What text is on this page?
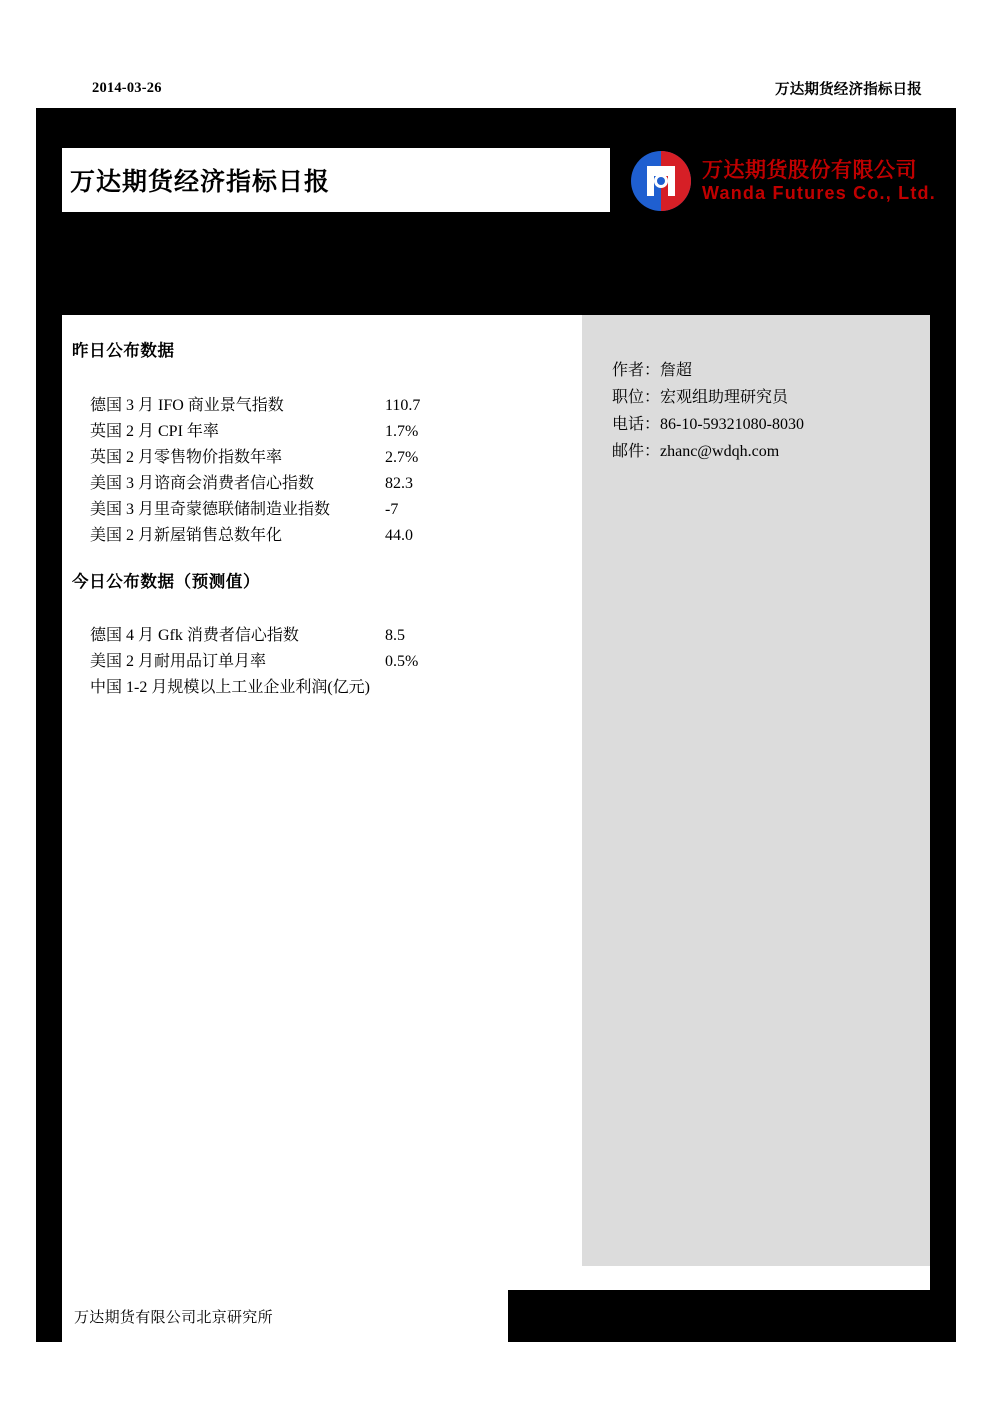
2014-03-26	万达期货经济指标日报
万达期货经济指标日报	万达期货股份有限公司
Wanda Futures Co., Ltd.
昨日公布数据
德国 3 月 IFO 商业景气指数	110.7
英国 2 月 CPI 年率	1.7%
英国 2 月零售物价指数年率	2.7%
美国 3 月谘商会消费者信心指数	82.3
美国 3 月里奇蒙德联储制造业指数	-7
美国 2 月新屋销售总数年化	44.0
今日公布数据（预测值）
德国 4 月 Gfk 消费者信心指数	8.5
美国 2 月耐用品订单月率	0.5%
中国 1-2 月规模以上工业企业利润(亿元)
作者：詹超
职位：宏观组助理研究员
电话：86-10-59321080-8030
邮件：zhanc@wdqh.com
万达期货有限公司北京研究所
